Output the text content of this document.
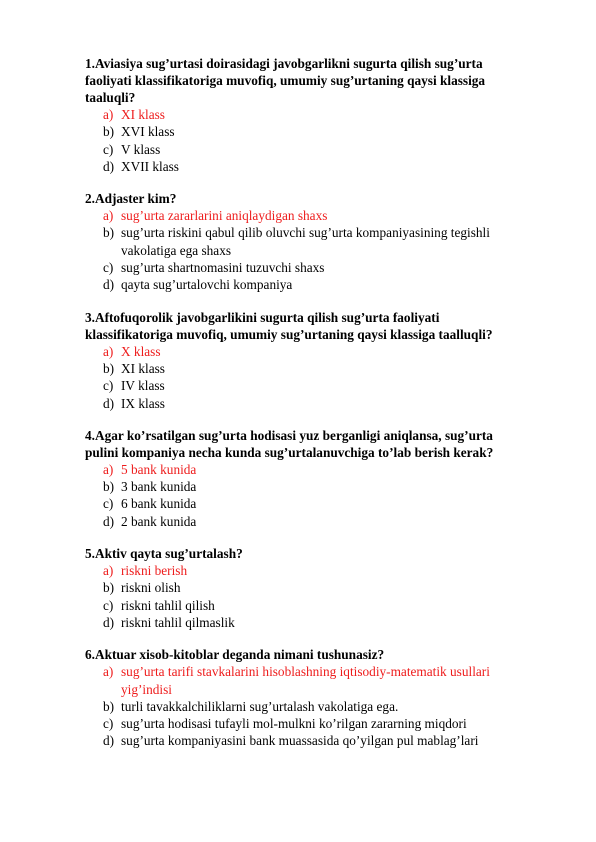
1.Aviasiya sug’urtasi doirasidagi javobgarlikni sugurta qilish sug’urta faoliyati klassifikatoriga muvofiq, umumiy sug’urtaning qaysi klassiga taaluqli?

a) XI klass
b) XVI klass
c) V klass
d) XVII klass

2.Adjaster kim?

a) sug’urta zararlarini aniqlaydigan shaxs
b) sug’urta riskini qabul qilib oluvchi sug’urta kompaniyasining tegishli vakolatiga ega shaxs
c) sug’urta shartnomasini tuzuvchi shaxs
d) qayta sug’urtalovchi kompaniya

3.Aftofuqorolik javobgarlikini sugurta qilish sug’urta faoliyati klassifikatoriga muvofiq, umumiy sug’urtaning qaysi klassiga taalluqli?

a) X klass
b) XI klass
c) IV klass
d) IX klass

4.Agar ko’rsatilgan sug’urta hodisasi yuz berganligi aniqlansa, sug’urta pulini kompaniya necha kunda sug’urtalanuvchiga to’lab berish kerak?

a) 5 bank kunida
b) 3 bank kunida
c) 6 bank kunida
d) 2 bank kunida

5.Aktiv qayta sug’urtalash?

a) riskni berish
b) riskni olish
c) riskni tahlil qilish
d) riskni tahlil qilmaslik

6.Aktuar xisob-kitoblar deganda nimani tushunasiz?

a) sug’urta tarifi stavkalarini hisoblashning iqtisodiy-matematik usullari yig’indisi
b) turli tavakkalchiliklarni sug’urtalash vakolatiga ega.
c) sug’urta hodisasi tufayli mol-mulkni ko’rilgan zararning miqdori
d) sug’urta kompaniyasini bank muassasida qo’yilgan pul mablag’lari
